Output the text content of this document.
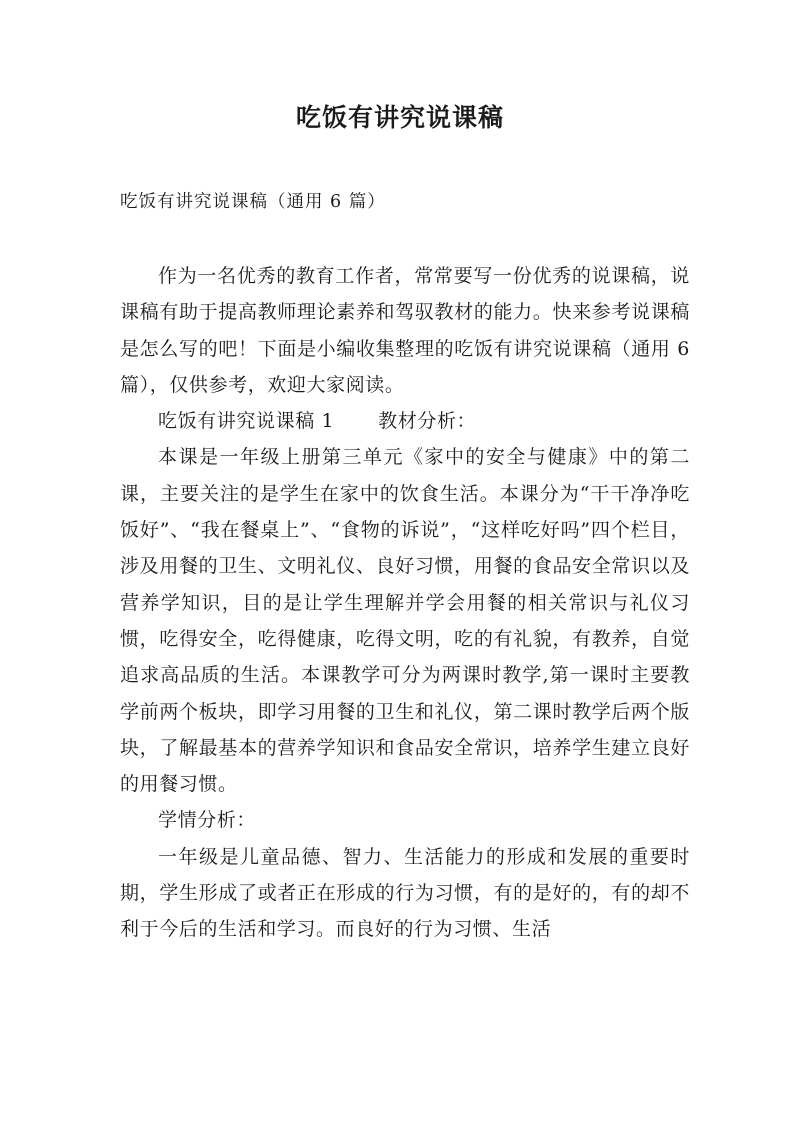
吃饭有讲究说课稿
吃饭有讲究说课稿（通用 6 篇）

作为一名优秀的教育工作者，常常要写一份优秀的说课稿，说课稿有助于提高教师理论素养和驾驭教材的能力。快来参考说课稿是怎么写的吧！下面是小编收集整理的吃饭有讲究说课稿（通用 6 篇），仅供参考，欢迎大家阅读。

吃饭有讲究说课稿 1 教材分析：

本课是一年级上册第三单元《家中的安全与健康》中的第二课，主要关注的是学生在家中的饮食生活。本课分为“干干净净吃饭好”、“我在餐桌上”、“食物的诉说”，“这样吃好吗”四个栏目，涉及用餐的卫生、文明礼仪、良好习惯，用餐的食品安全常识以及营养学知识，目的是让学生理解并学会用餐的相关常识与礼仪习惯，吃得安全，吃得健康，吃得文明，吃的有礼貌，有教养，自觉追求高品质的生活。本课教学可分为两课时教学,第一课时主要教学前两个板块，即学习用餐的卫生和礼仪，第二课时教学后两个版块，了解最基本的营养学知识和食品安全常识，培养学生建立良好的用餐习惯。

学情分析：

一年级是儿童品德、智力、生活能力的形成和发展的重要时期，学生形成了或者正在形成的行为习惯，有的是好的，有的却不利于今后的生活和学习。而良好的行为习惯、生活
